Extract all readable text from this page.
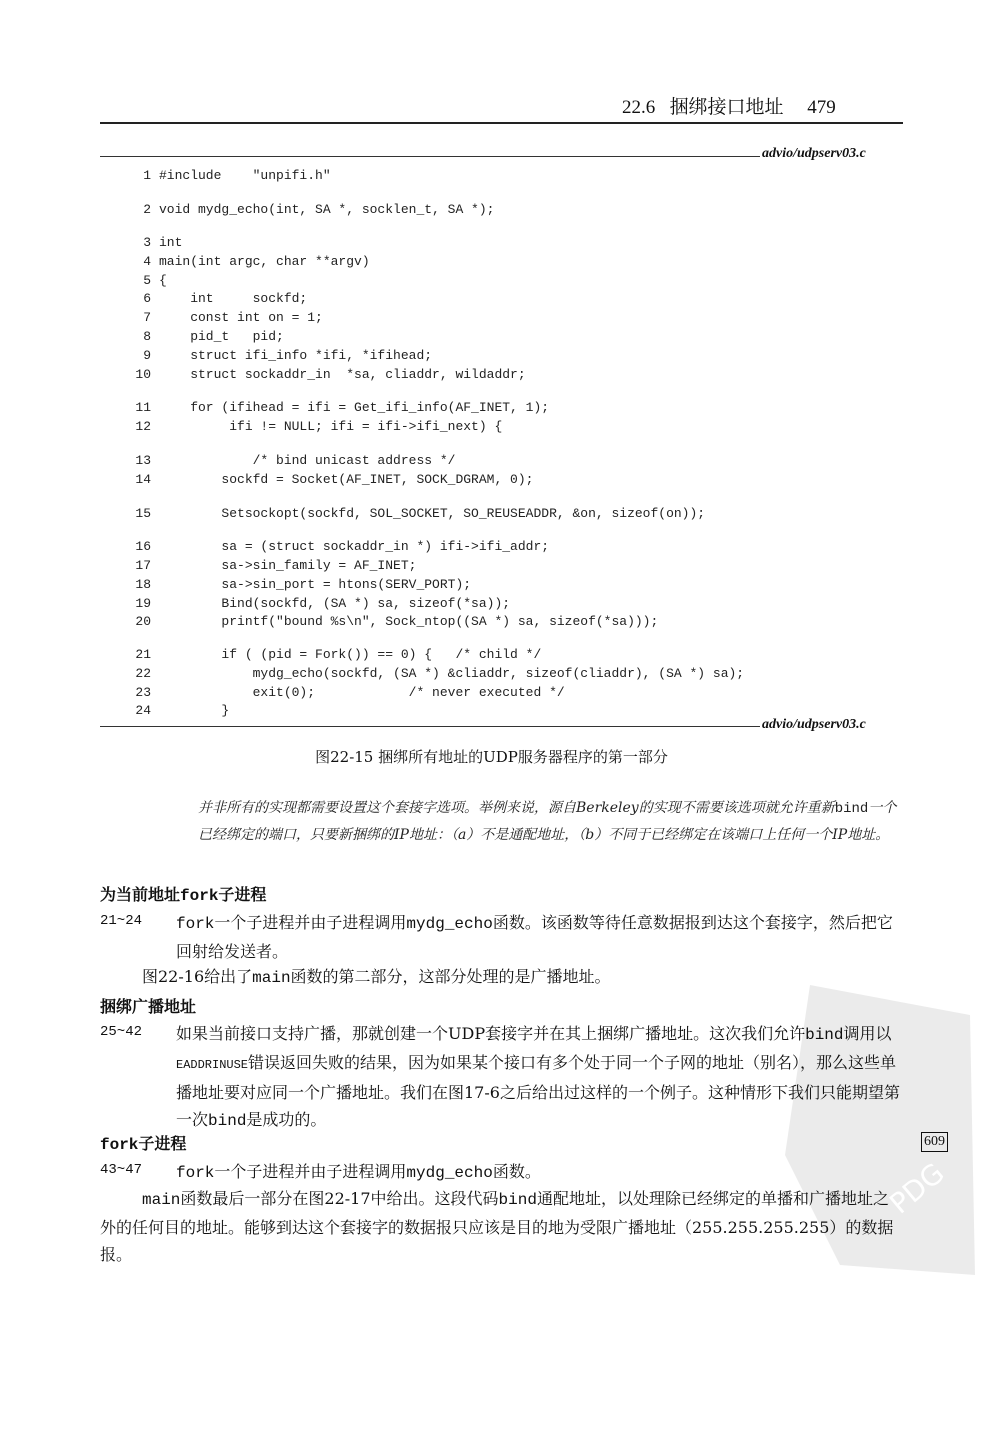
22.6 捆绑接口地址 479
advio/udpserv03.c
1 #include    "unpifi.h"
2 void mydg_echo(int, SA *, socklen_t, SA *);
3 int
4 main(int argc, char **argv)
5 {
6    int     sockfd;
7    const int on = 1;
8    pid_t   pid;
9    struct ifi_info *ifi, *ifihead;
10    struct sockaddr_in  *sa, cliaddr, wildaddr;
11    for (ifihead = ifi = Get_ifi_info(AF_INET, 1);
12         ifi != NULL; ifi = ifi->ifi_next) {
13            /* bind unicast address */
14        sockfd = Socket(AF_INET, SOCK_DGRAM, 0);
15        Setsockopt(sockfd, SOL_SOCKET, SO_REUSEADDR, &on, sizeof(on));
16        sa = (struct sockaddr_in *) ifi->ifi_addr;
17        sa->sin_family = AF_INET;
18        sa->sin_port = htons(SERV_PORT);
19        Bind(sockfd, (SA *) sa, sizeof(*sa));
20        printf("bound %s\n", Sock_ntop((SA *) sa, sizeof(*sa)));
21        if ( (pid = Fork()) == 0) {   /* child */
22            mydg_echo(sockfd, (SA *) &cliaddr, sizeof(cliaddr), (SA *) sa);
23            exit(0);            /* never executed */
24        }
advio/udpserv03.c
图22-15 捆绑所有地址的UDP服务器程序的第一部分
并非所有的实现都需要设置这个套接字选项。举例来说，源自Berkeley的实现不需要该选项就允许重新bind一个已经绑定的端口，只要新捆绑的IP地址：（a）不是通配地址，（b）不同于已经绑定在该端口上任何一个IP地址。
为当前地址fork子进程
21~24 fork一个子进程并由子进程调用mydg_echo函数。该函数等待任意数据报到达这个套接字，然后把它回射给发送者。
图22-16给出了main函数的第二部分，这部分处理的是广播地址。
捆绑广播地址
25~42 如果当前接口支持广播，那就创建一个UDP套接字并在其上捆绑广播地址。这次我们允许bind调用以EADDRINUSE错误返回失败的结果，因为如果某个接口有多个处于同一个子网的地址（别名），那么这些单播地址要对应同一个广播地址。我们在图17-6之后给出过这样的一个例子。这种情形下我们只能期望第一次bind是成功的。
609
fork子进程
43~47 fork一个子进程并由子进程调用mydg_echo函数。
main函数最后一部分在图22-17中给出。这段代码bind通配地址，以处理除已经绑定的单播和广播地址之外的任何目的地址。能够到达这个套接字的数据报只应该是目的地为受限广播地址（255.255.255.255）的数据报。
PDG
